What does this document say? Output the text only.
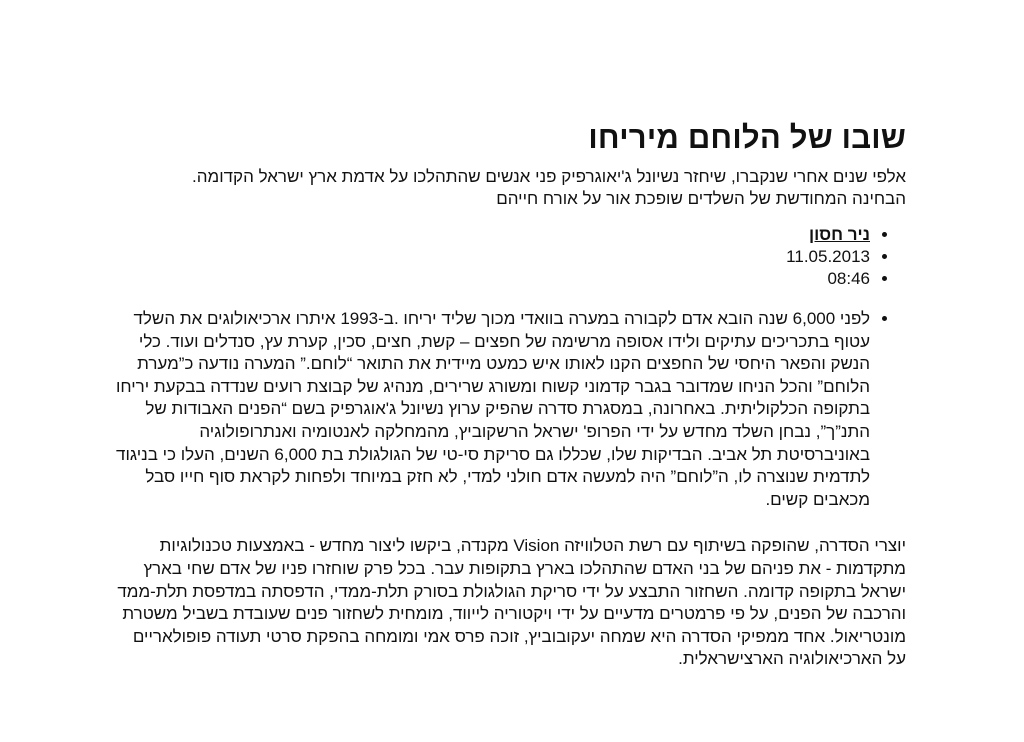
שובו של הלוחם מיריחו

אלפי שנים אחרי שנקברו, שיחזר נשיונל ג'יאוגרפיק פני אנשים שהתהלכו על אדמת ארץ ישראל הקדומה. הבחינה המחודשת של השלדים שופכת אור על אורח חייהם

• ניר חסון
• 11.05.2013
• 08:46

• לפני 6,000 שנה הובא אדם לקבורה במערה בוואדי מכוך שליד יריחו .ב-1993 איתרו ארכיאולוגים את השלד עטוף בתכריכים עתיקים ולידו אסופה מרשימה של חפצים – קשת, חצים, סכין, קערת עץ, סנדלים ועוד. כלי הנשק והפאר היחסי של החפצים הקנו לאותו איש כמעט מיידית את התואר “לוחם.” המערה נודעה כ”מערת הלוחם” והכל הניחו שמדובר בגבר קדמוני קשוח ומשורג שרירים, מנהיג של קבוצת רועים שנדדה בבקעת יריחו בתקופה הכלקוליתית. באחרונה, במסגרת סדרה שהפיק ערוץ נשיונל ג'אוגרפיק בשם “הפנים האבודות של התנ”ך”, נבחן השלד מחדש על ידי הפרופ' ישראל הרשקוביץ, מהמחלקה לאנטומיה ואנתרופולוגיה באוניברסיטת תל אביב. הבדיקות שלו, שכללו גם סריקת סי-טי של הגולגולת בת 6,000 השנים, העלו כי בניגוד לתדמית שנוצרה לו, ה”לוחם” היה למעשה אדם חולני למדי, לא חזק במיוחד ולפחות לקראת סוף חייו סבל מכאבים קשים.

יוצרי הסדרה, שהופקה בשיתוף עם רשת הטלוויזה Vision מקנדה, ביקשו ליצור מחדש - באמצעות טכנולוגיות מתקדמות - את פניהם של בני האדם שהתהלכו בארץ בתקופות עבר. בכל פרק שוחזרו פניו של אדם שחי בארץ ישראל בתקופה קדומה. השחזור התבצע על ידי סריקת הגולגולת בסורק תלת-ממדי, הדפסתה במדפסת תלת-ממד והרכבה של הפנים, על פי פרמטרים מדעיים על ידי ויקטוריה לייווד, מומחית לשחזור פנים שעובדת בשביל משטרת מונטריאול. אחד ממפיקי הסדרה היא שמחה יעקובוביץ, זוכה פרס אמי ומומחה בהפקת סרטי תעודה פופולאריים על הארכיאולוגיה הארצישראלית.
